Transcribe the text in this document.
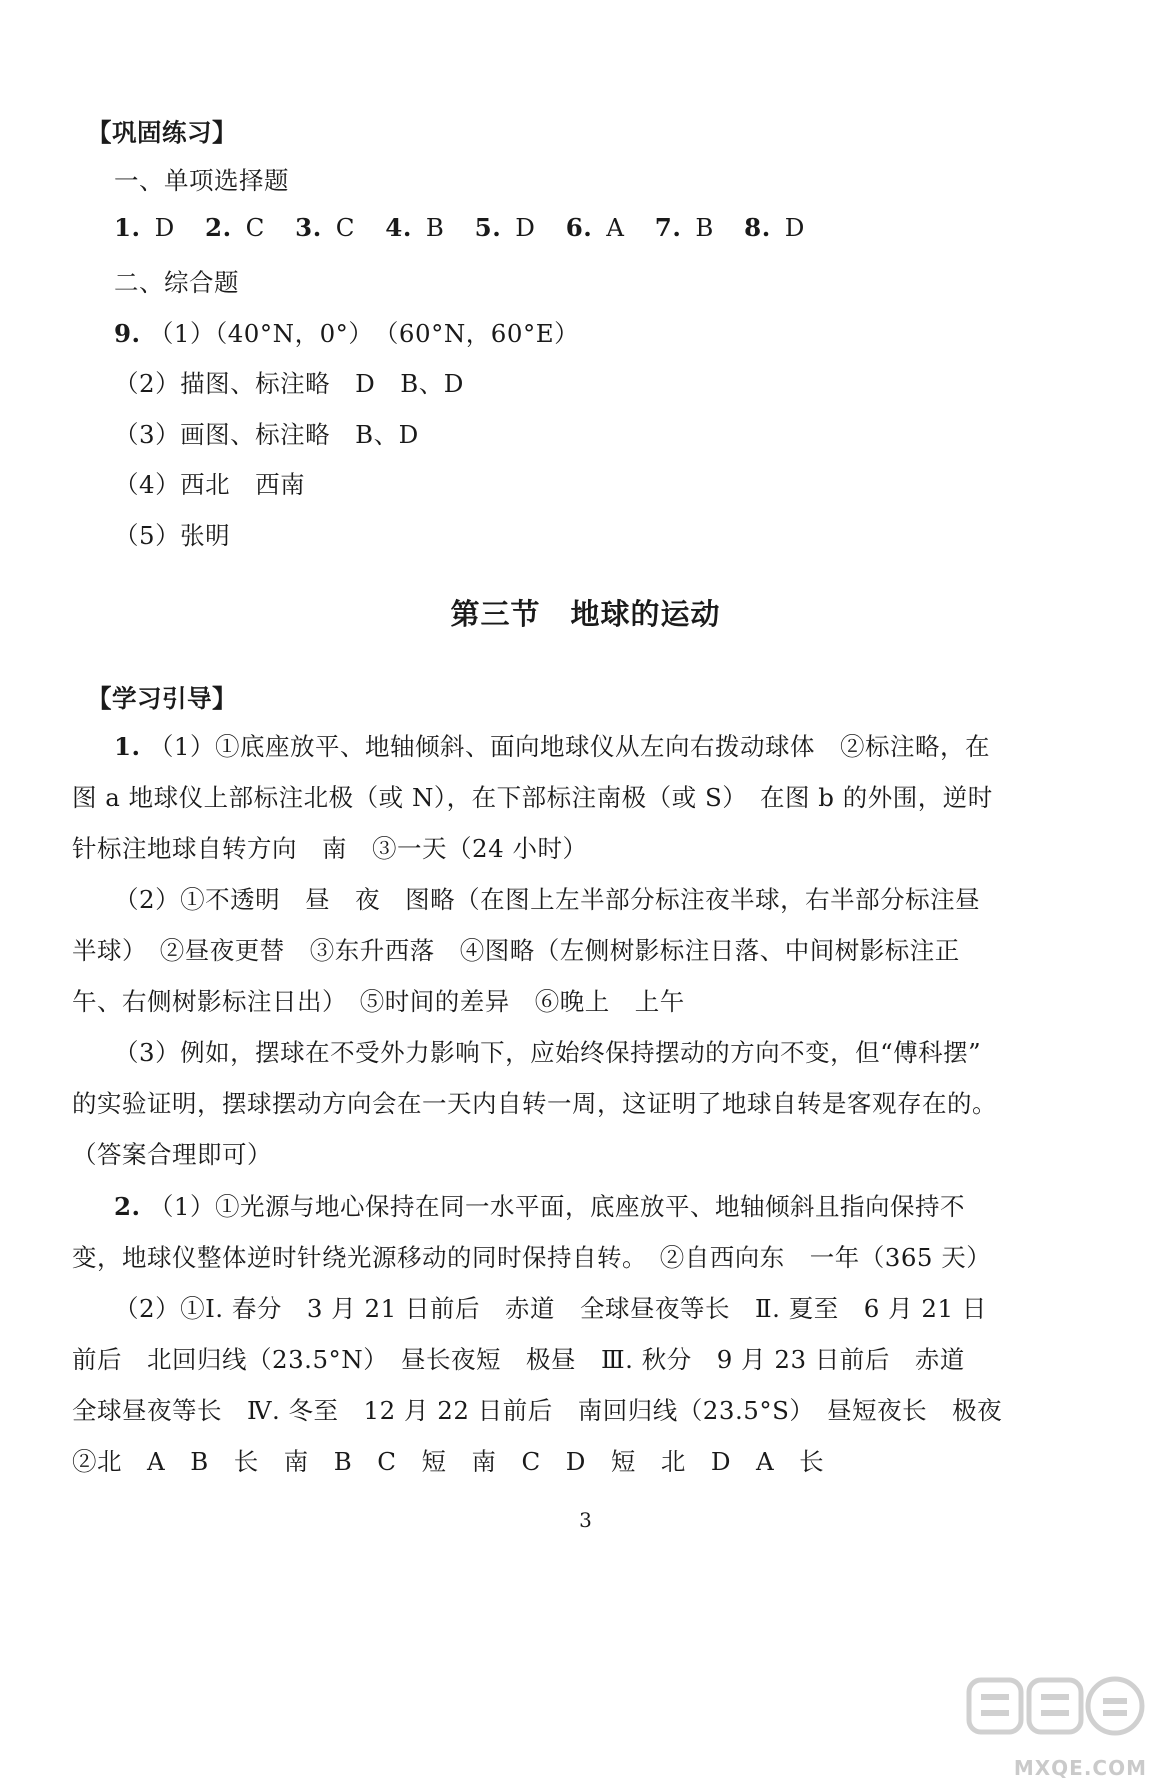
【巩固练习】
一、单项选择题
1. D 2. C 3. C 4. B 5. D 6. A 7. B 8. D
二、综合题
9. （1）（40°N，0°）　（60°N，60°E）
（2）描图、标注略　D　B、D
（3）画图、标注略　B、D
（4）西北　西南
（5）张明
第三节　地球的运动
【学习引导】
1. （1）①底座放平、地轴倾斜、面向地球仪从左向右拨动球体　②标注略，在
图 a 地球仪上部标注北极（或 N），在下部标注南极（或 S）　在图 b 的外围，逆时
针标注地球自转方向　南　③一天（24 小时）
（2）①不透明　昼　夜　图略（在图上左半部分标注夜半球，右半部分标注昼
半球）　②昼夜更替　③东升西落　④图略（左侧树影标注日落、中间树影标注正
午、右侧树影标注日出）　⑤时间的差异　⑥晚上　上午
（3）例如，摆球在不受外力影响下，应始终保持摆动的方向不变，但“傅科摆”
的实验证明，摆球摆动方向会在一天内自转一周，这证明了地球自转是客观存在的。
（答案合理即可）
2. （1）①光源与地心保持在同一水平面，底座放平、地轴倾斜且指向保持不
变，地球仪整体逆时针绕光源移动的同时保持自转。　②自西向东　一年（365 天）
（2）①Ⅰ. 春分　3 月 21 日前后　赤道　全球昼夜等长　Ⅱ. 夏至　6 月 21 日
前后　北回归线（23.5°N）　昼长夜短　极昼　Ⅲ. 秋分　9 月 23 日前后　赤道
全球昼夜等长　Ⅳ. 冬至　12 月 22 日前后　南回归线（23.5°S）　昼短夜长　极夜
②北　A　B　长　南　B　C　短　南　C　D　短　北　D　A　长
3
MXQE.COM
